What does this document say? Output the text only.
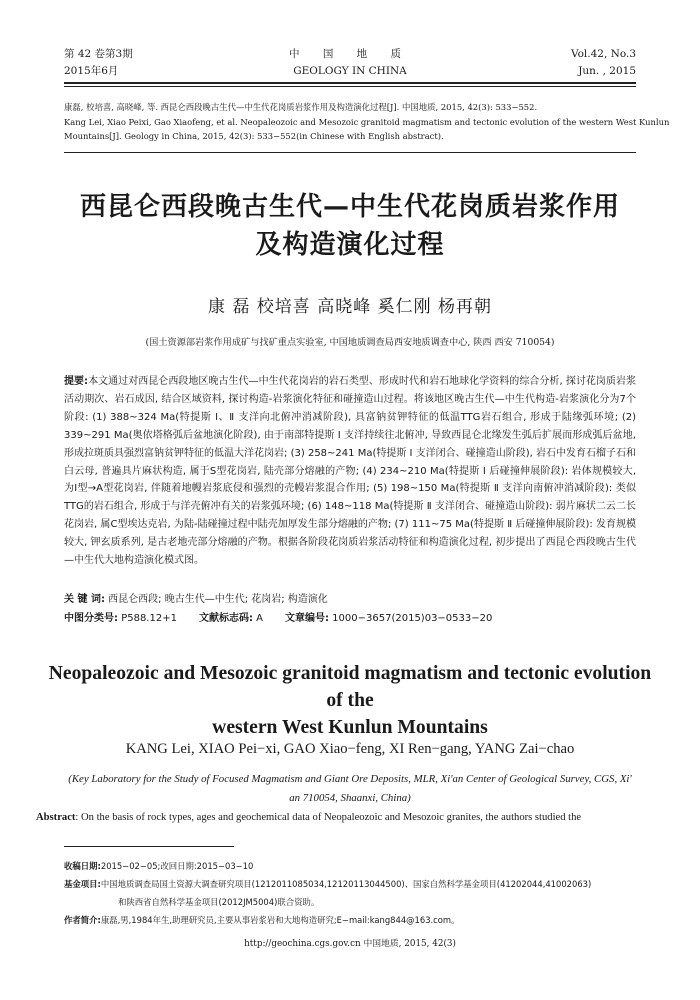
第 42 卷第3期
2015年6月
中 国 地 质
GEOLOGY IN CHINA
Vol.42, No.3
Jun. , 2015
康磊, 校培喜, 高晓峰, 等. 西昆仑西段晚古生代—中生代花岗质岩浆作用及构造演化过程[J]. 中国地质, 2015, 42(3): 533−552.
Kang Lei, Xiao Peixi, Gao Xiaofeng, et al. Neopaleozoic and Mesozoic granitoid magmatism and tectonic evolution of the western West Kunlun
Mountains[J]. Geology in China, 2015, 42(3): 533−552(in Chinese with English abstract).
西昆仑西段晚古生代—中生代花岗质岩浆作用
及构造演化过程
康 磊 校培喜 高晓峰 奚仁刚 杨再朝
(国土资源部岩浆作用成矿与找矿重点实验室, 中国地质调查局西安地质调查中心, 陕西 西安 710054)
提要:本文通过对西昆仑西段地区晚古生代—中生代花岗岩的岩石类型、形成时代和岩石地球化学资料的综合分析, 探讨花岗质岩浆活动期次、岩石成因, 结合区域资料, 探讨构造-岩浆演化特征和碰撞造山过程。将该地区晚古生代—中生代构造-岩浆演化分为7个阶段: (1) 388~324 Ma(特提斯 Ⅰ、Ⅱ 支洋向北俯冲消减阶段), 具富钠贫钾特征的低温TTG岩石组合, 形成于陆缘弧环境; (2) 339~291 Ma(奥依塔格弧后盆地演化阶段), 由于南部特提斯 Ⅰ 支洋持续往北俯冲, 导致西昆仑北缘发生弧后扩展而形成弧后盆地, 形成拉斑质具强烈富钠贫钾特征的低温大洋花岗岩; (3) 258~241 Ma(特提斯 Ⅰ 支洋闭合、碰撞造山阶段), 岩石中发育石榴子石和白云母, 普遍具片麻状构造, 属于S型花岗岩, 陆壳部分熔融的产物; (4) 234~210 Ma(特提斯 Ⅰ 后碰撞伸展阶段): 岩体规模较大, 为Ⅰ型→A型花岗岩, 伴随着地幔岩浆底侵和强烈的壳幔岩浆混合作用; (5) 198~150 Ma(特提斯 Ⅱ 支洋向南俯冲消减阶段): 类似TTG的岩石组合, 形成于与洋壳俯冲有关的岩浆弧环境; (6) 148~118 Ma(特提斯 Ⅱ 支洋闭合、碰撞造山阶段): 弱片麻状二云二长花岗岩, 属C型埃达克岩, 为陆-陆碰撞过程中陆壳加厚发生部分熔融的产物; (7) 111~75 Ma(特提斯 Ⅱ 后碰撞伸展阶段): 发育规模较大, 钾玄质系列, 是古老地壳部分熔融的产物。根据各阶段花岗质岩浆活动特征和构造演化过程, 初步提出了西昆仑西段晚古生代—中生代大地构造演化模式图。
关 键 词: 西昆仑西段; 晚古生代—中生代; 花岗岩; 构造演化
中图分类号: P588.12+1 文献标志码: A 文章编号: 1000−3657(2015)03−0533−20
Neopaleozoic and Mesozoic granitoid magmatism and tectonic evolution of the
western West Kunlun Mountains
KANG Lei, XIAO Pei−xi, GAO Xiao−feng, XI Ren−gang, YANG Zai−chao
(Key Laboratory for the Study of Focused Magmatism and Giant Ore Deposits, MLR, Xi'an Center of Geological Survey, CGS, Xi'
an 710054, Shaanxi, China)
Abstract: On the basis of rock types, ages and geochemical data of Neopaleozoic and Mesozoic granites, the authors studied the
收稿日期:2015−02−05;改回日期:2015−03−10
基金项目:中国地质调查局国土资源大调查研究项目(1212011085034,12120113044500)、国家自然科学基金项目(41202044,41002063)
和陕西省自然科学基金项目(2012JM5004)联合资助。
作者简介:康磊,男,1984年生,助理研究员,主要从事岩浆岩和大地构造研究;E−mail:kang844@163.com。
http://geochina.cgs.gov.cn 中国地质, 2015, 42(3)
